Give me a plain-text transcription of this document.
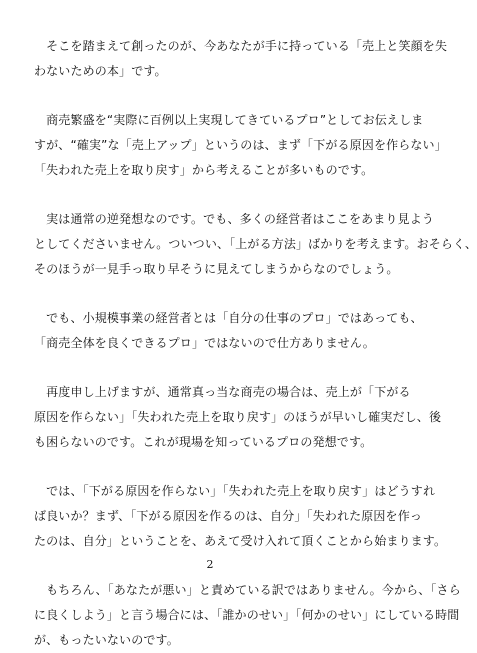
　そこを踏まえて創ったのが、今あなたが手に持っている「売上と笑顔を失
わないための本」です。

　商売繁盛を“実際に百例以上実現してきているプロ”としてお伝えしま
すが、“確実”な「売上アップ」というのは、まず「下がる原因を作らない」
「失われた売上を取り戻す」から考えることが多いものです。

　実は通常の逆発想なのです。でも、多くの経営者はここをあまり見よう
としてくださいません。ついつい、「上がる方法」ばかりを考えます。おそらく、
そのほうが一見手っ取り早そうに見えてしまうからなのでしょう。

　でも、小規模事業の経営者とは「自分の仕事のプロ」ではあっても、
「商売全体を良くできるプロ」ではないので仕方ありません。

　再度申し上げますが、通常真っ当な商売の場合は、売上が「下がる
原因を作らない」「失われた売上を取り戻す」のほうが早いし確実だし、後
も困らないのです。これが現場を知っているプロの発想です。

　では、「下がる原因を作らない」「失われた売上を取り戻す」はどうすれ
ば良いか？まず、「下がる原因を作るのは、自分」「失われた原因を作っ
たのは、自分」ということを、あえて受け入れて頂くことから始まります。

　もちろん、「あなたが悪い」と責めている訳ではありません。今から、「さら
に良くしよう」と言う場合には、「誰かのせい」「何かのせい」にしている時間
が、もったいないのです。

2
